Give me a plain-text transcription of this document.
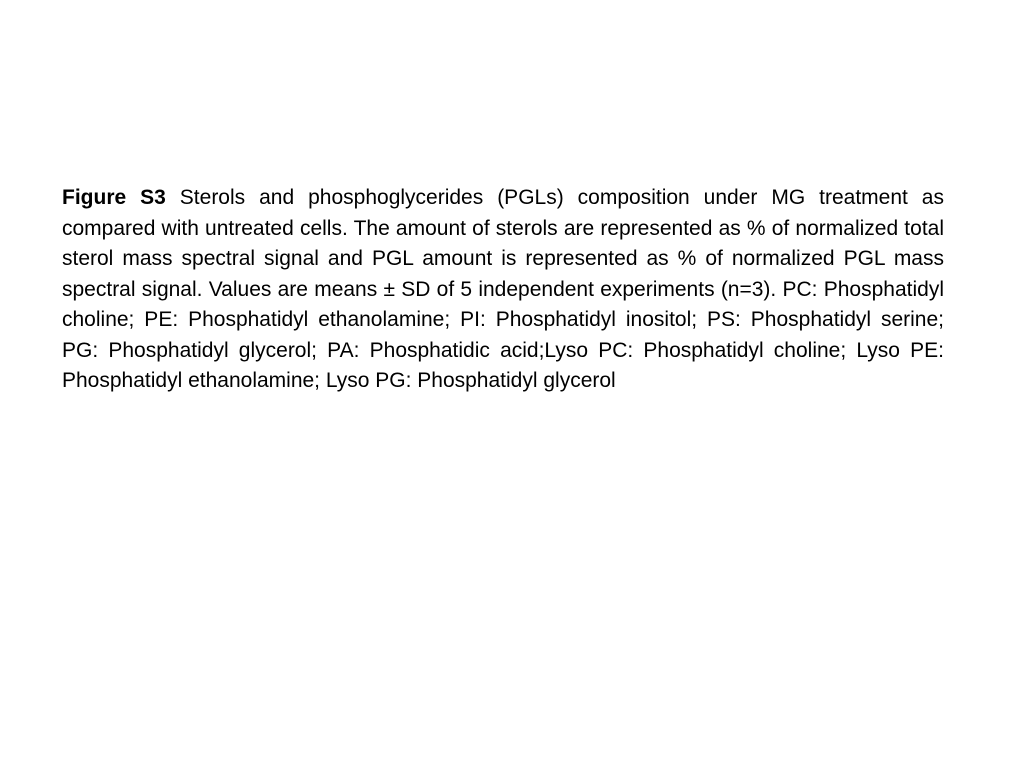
Figure S3 Sterols and phosphoglycerides (PGLs) composition under MG treatment as compared with untreated cells. The amount of sterols are represented as % of normalized total sterol mass spectral signal and PGL amount is represented as % of normalized PGL mass spectral signal. Values are means ± SD of 5 independent experiments (n=3). PC: Phosphatidyl choline; PE: Phosphatidyl ethanolamine; PI: Phosphatidyl inositol; PS: Phosphatidyl serine; PG: Phosphatidyl glycerol; PA: Phosphatidic acid;Lyso PC: Phosphatidyl choline; Lyso PE: Phosphatidyl ethanolamine; Lyso PG: Phosphatidyl glycerol
